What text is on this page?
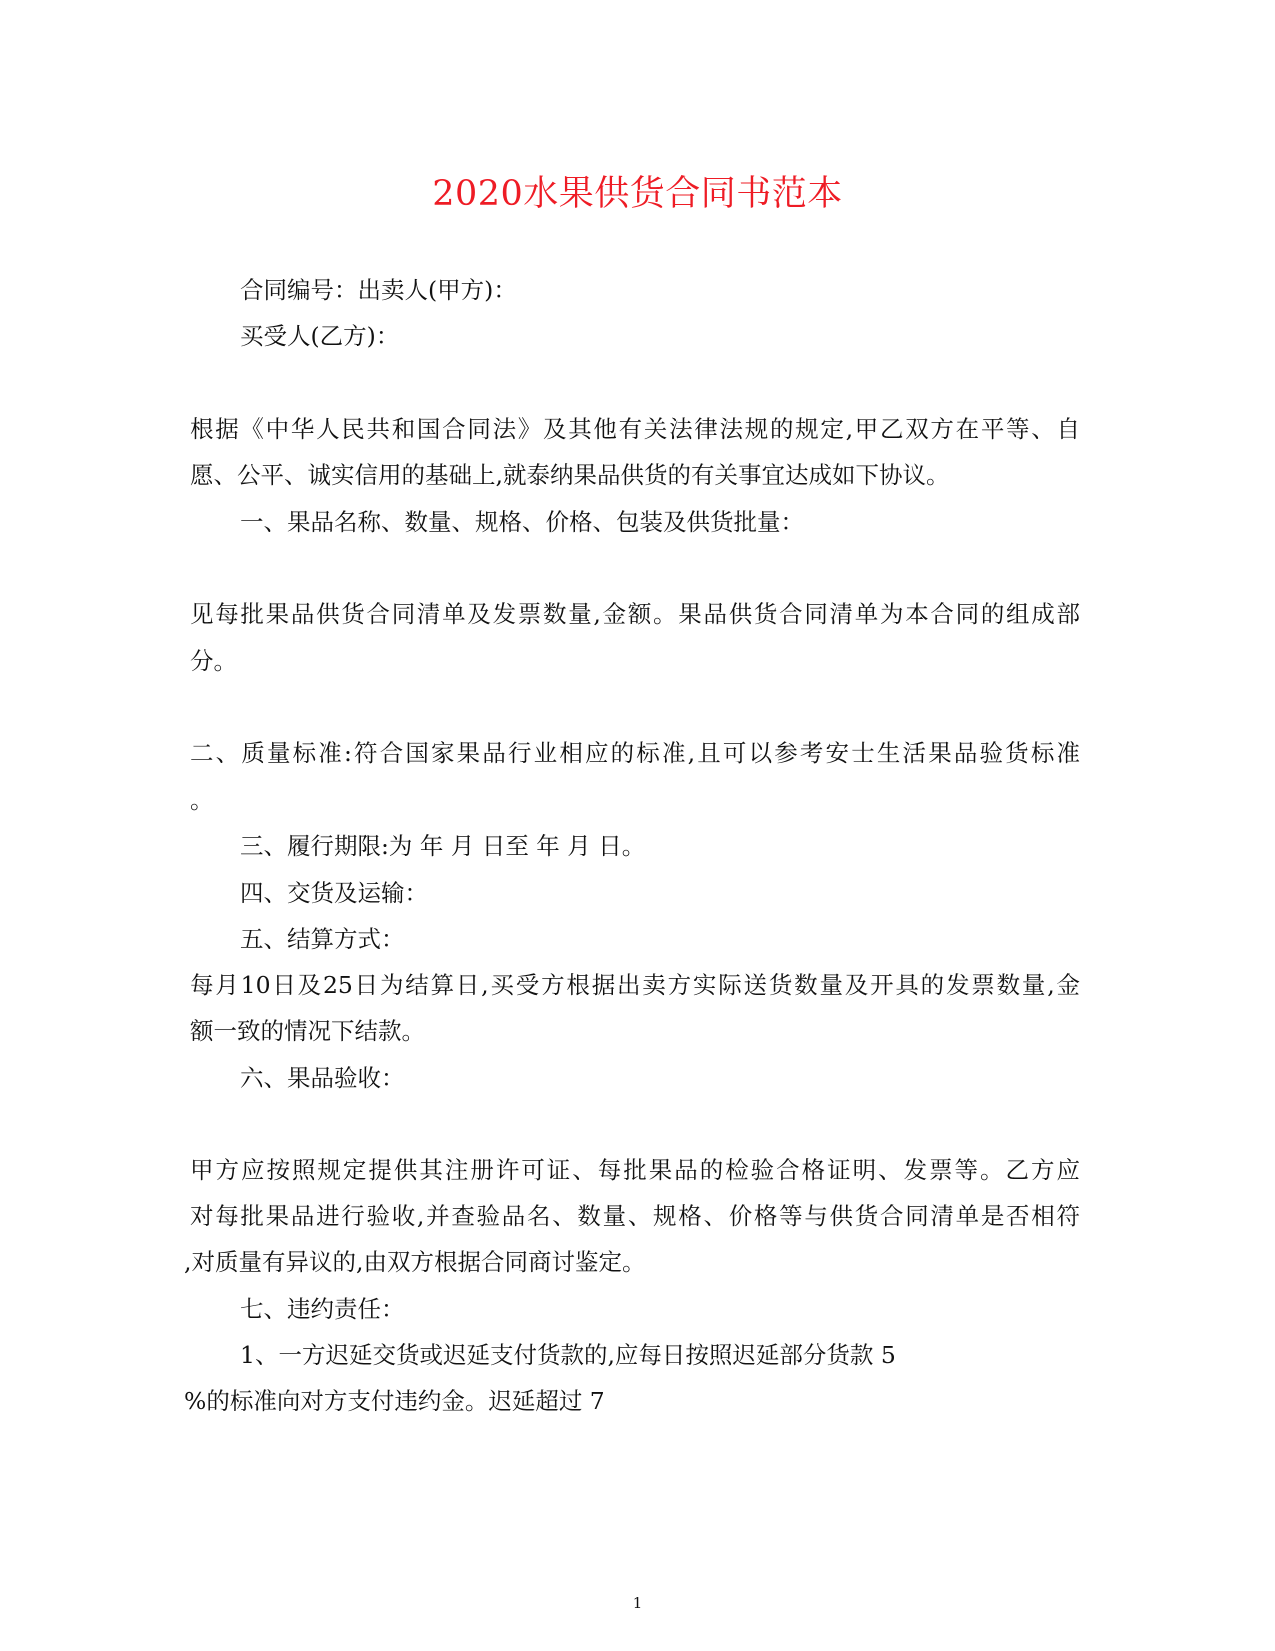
2020水果供货合同书范本
合同编号：出卖人(甲方)：
买受人(乙方)：
根据《中华人民共和国合同法》及其他有关法律法规的规定,甲乙双方在平等、自
愿、公平、诚实信用的基础上,就泰纳果品供货的有关事宜达成如下协议。
一、果品名称、数量、规格、价格、包装及供货批量：
见每批果品供货合同清单及发票数量,金额。果品供货合同清单为本合同的组成部
分。
二、质量标准:符合国家果品行业相应的标准,且可以参考安士生活果品验货标准
。
三、履行期限:为 年 月 日至 年 月 日。
四、交货及运输：
五、结算方式：
每月10日及25日为结算日,买受方根据出卖方实际送货数量及开具的发票数量,金
额一致的情况下结款。
六、果品验收：
甲方应按照规定提供其注册许可证、每批果品的检验合格证明、发票等。乙方应
对每批果品进行验收,并查验品名、数量、规格、价格等与供货合同清单是否相符
,对质量有异议的,由双方根据合同商讨鉴定。
七、违约责任：
1、一方迟延交货或迟延支付货款的,应每日按照迟延部分货款 5
%的标准向对方支付违约金。迟延超过 7
1
